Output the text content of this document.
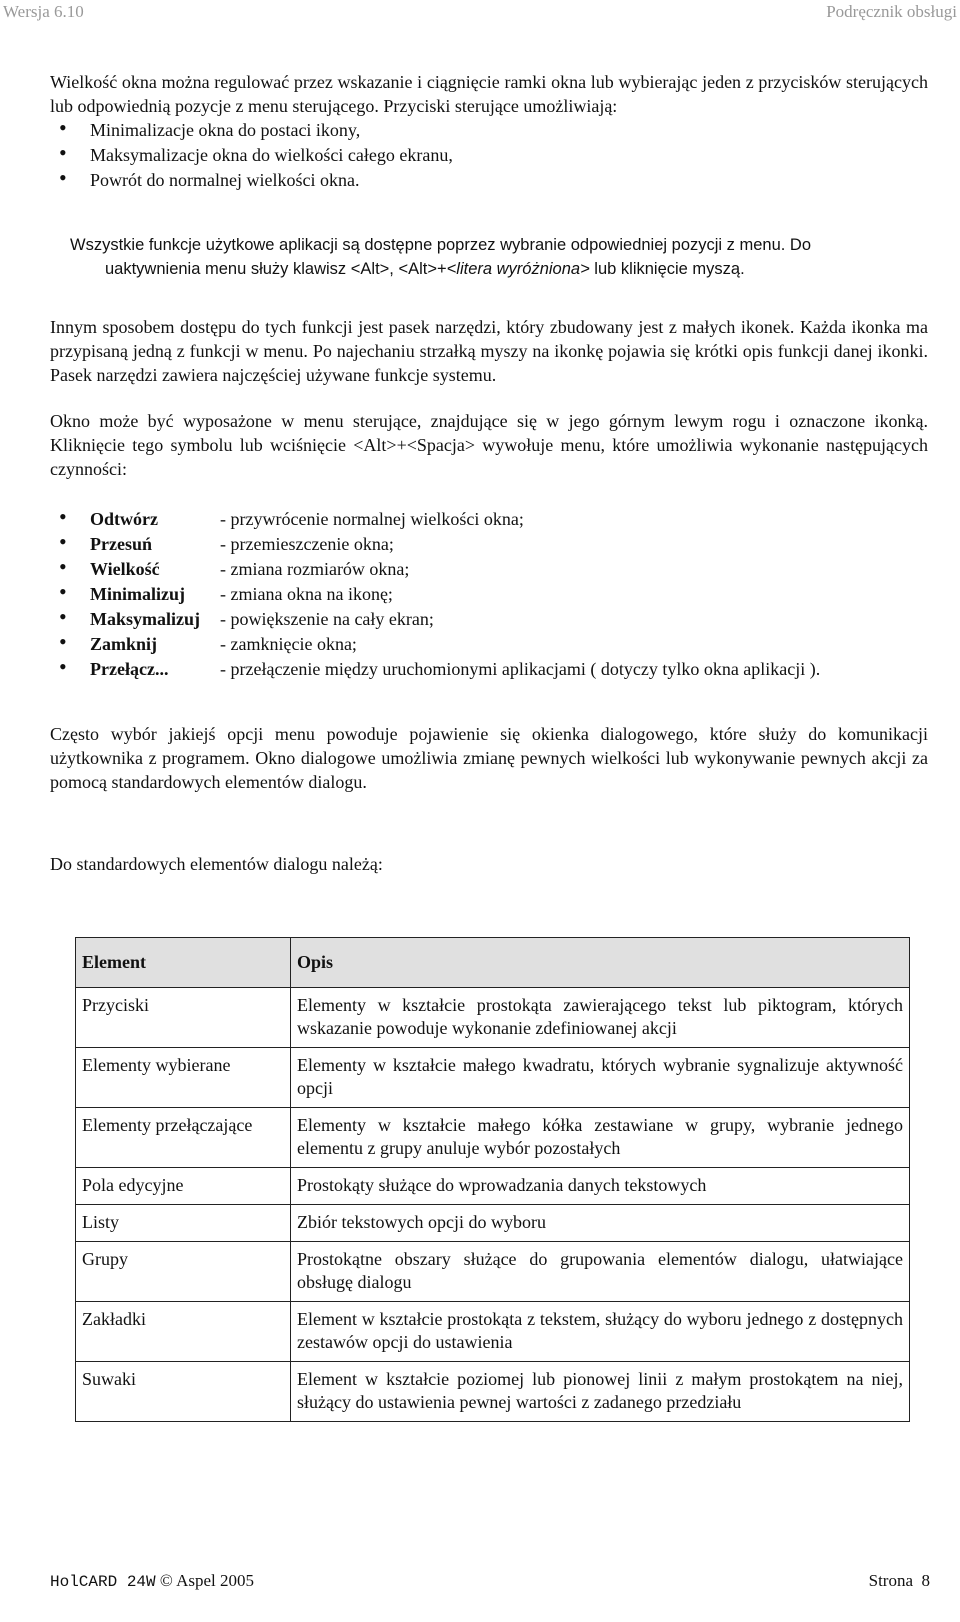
Wersja 6.10	Podręcznik obsługi

Wielkość okna można regulować przez wskazanie i ciągnięcie ramki okna lub wybierając jeden z przycisków sterujących lub odpowiednią pozycje z menu sterującego. Przyciski sterujące umożliwiają:

• Minimalizacje okna do postaci ikony,
• Maksymalizacje okna do wielkości całego ekranu,
• Powrót do normalnej wielkości okna.

Wszystkie funkcje użytkowe aplikacji są dostępne poprzez wybranie odpowiedniej pozycji z menu. Do
uaktywnienia menu służy klawisz <Alt>, <Alt>+<litera wyróżniona> lub kliknięcie myszą.

Innym sposobem dostępu do tych funkcji jest pasek narzędzi, który zbudowany jest z małych ikonek. Każda ikonka ma przypisaną jedną z funkcji w menu. Po najechaniu strzałką myszy na ikonkę pojawia się krótki opis funkcji danej ikonki. Pasek narzędzi zawiera najczęściej używane funkcje systemu.

Okno może być wyposażone w menu sterujące, znajdujące się w jego górnym lewym rogu i oznaczone ikonką. Kliknięcie tego symbolu lub wciśnięcie <Alt>+<Spacja> wywołuje menu, które umożliwia wykonanie następujących czynności:

• Odtwórz	- przywrócenie normalnej wielkości okna;
• Przesuń	- przemieszczenie okna;
• Wielkość	- zmiana rozmiarów okna;
• Minimalizuj - zmiana okna na ikonę;
• Maksymalizuj - powiększenie na cały ekran;
• Zamknij	- zamknięcie okna;
• Przełącz...	- przełączenie między uruchomionymi aplikacjami ( dotyczy tylko okna aplikacji ).

Często wybór jakiejś opcji menu powoduje pojawienie się okienka dialogowego, które służy do komunikacji użytkownika z programem. Okno dialogowe umożliwia zmianę pewnych wielkości lub wykonywanie pewnych akcji za pomocą standardowych elementów dialogu.

Do standardowych elementów dialogu należą:

Element	Opis
Przyciski	Elementy w kształcie prostokąta zawierającego tekst lub piktogram, których wskazanie powoduje wykonanie zdefiniowanej akcji
Elementy wybierane	Elementy w kształcie małego kwadratu, których wybranie sygnalizuje aktywność opcji
Elementy przełączające	Elementy w kształcie małego kółka zestawiane w grupy, wybranie jednego elementu z grupy anuluje wybór pozostałych
Pola edycyjne	Prostokąty służące do wprowadzania danych tekstowych
Listy	Zbiór tekstowych opcji do wyboru
Grupy	Prostokątne obszary służące do grupowania elementów dialogu, ułatwiające obsługę dialogu
Zakładki	Element w kształcie prostokąta z tekstem, służący do wyboru jednego z dostępnych zestawów opcji do ustawienia
Suwaki	Element w kształcie poziomej lub pionowej linii z małym prostokątem na niej, służący do ustawienia pewnej wartości z zadanego przedziału
HolCARD 24W © Aspel 2005	Strona 8
